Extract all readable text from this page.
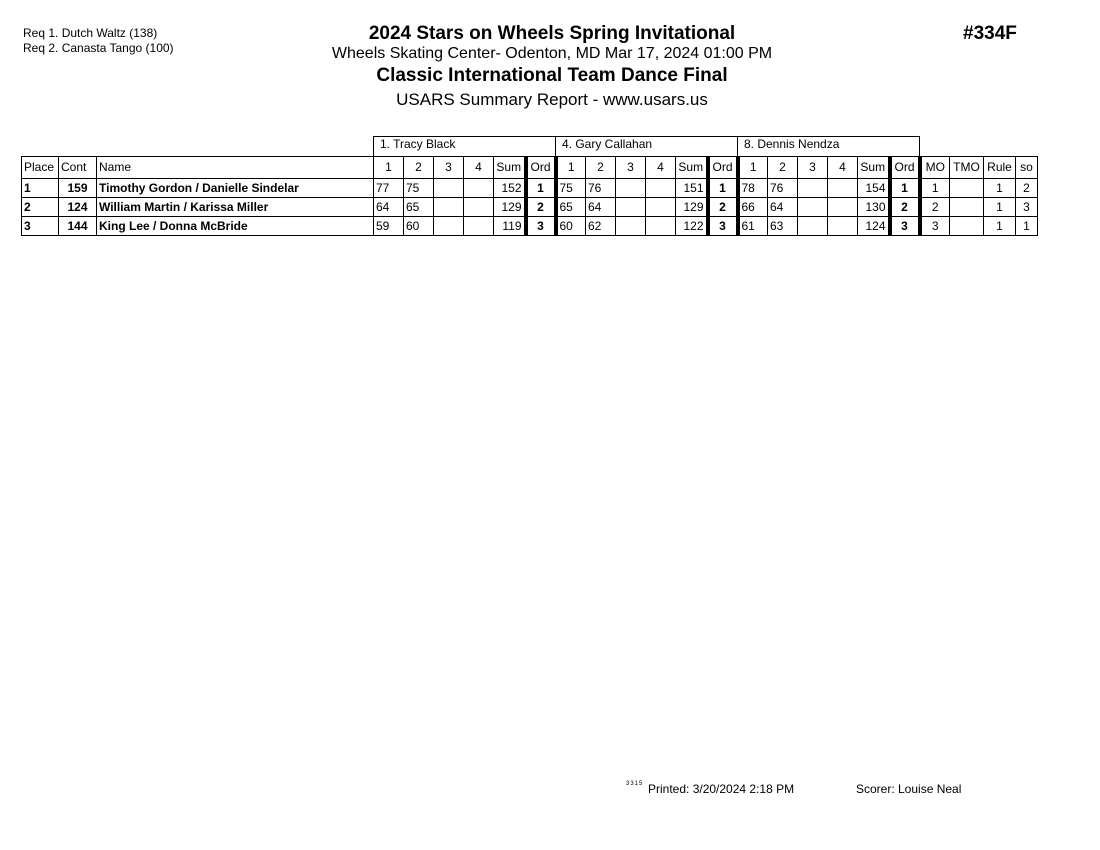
Req 1. Dutch Waltz (138)
Req 2. Canasta Tango (100)
2024 Stars on Wheels Spring Invitational
Wheels Skating Center- Odenton, MD Mar 17, 2024 01:00 PM
Classic International Team Dance Final
USARS Summary Report - www.usars.us
#334F
			1. Tracy Black						4. Gary Callahan						8. Dennis Nendza									
Place	Cont	Name	1	2	3	4	Sum	Ord	1	2	3	4	Sum	Ord	1	2	3	4	Sum	Ord	MO	TMO	Rule	so
1	159	Timothy Gordon / Danielle Sindelar	77	75			152	1	75	76			151	1	78	76			154	1	1		1	2
2	124	William Martin / Karissa Miller	64	65			129	2	65	64			129	2	66	64			130	2	2		1	3
3	144	King Lee / Donna McBride	59	60			119	3	60	62			122	3	61	63			124	3	3		1	1
3315 Printed: 3/20/2024 2:18 PM	Scorer: Louise Neal
